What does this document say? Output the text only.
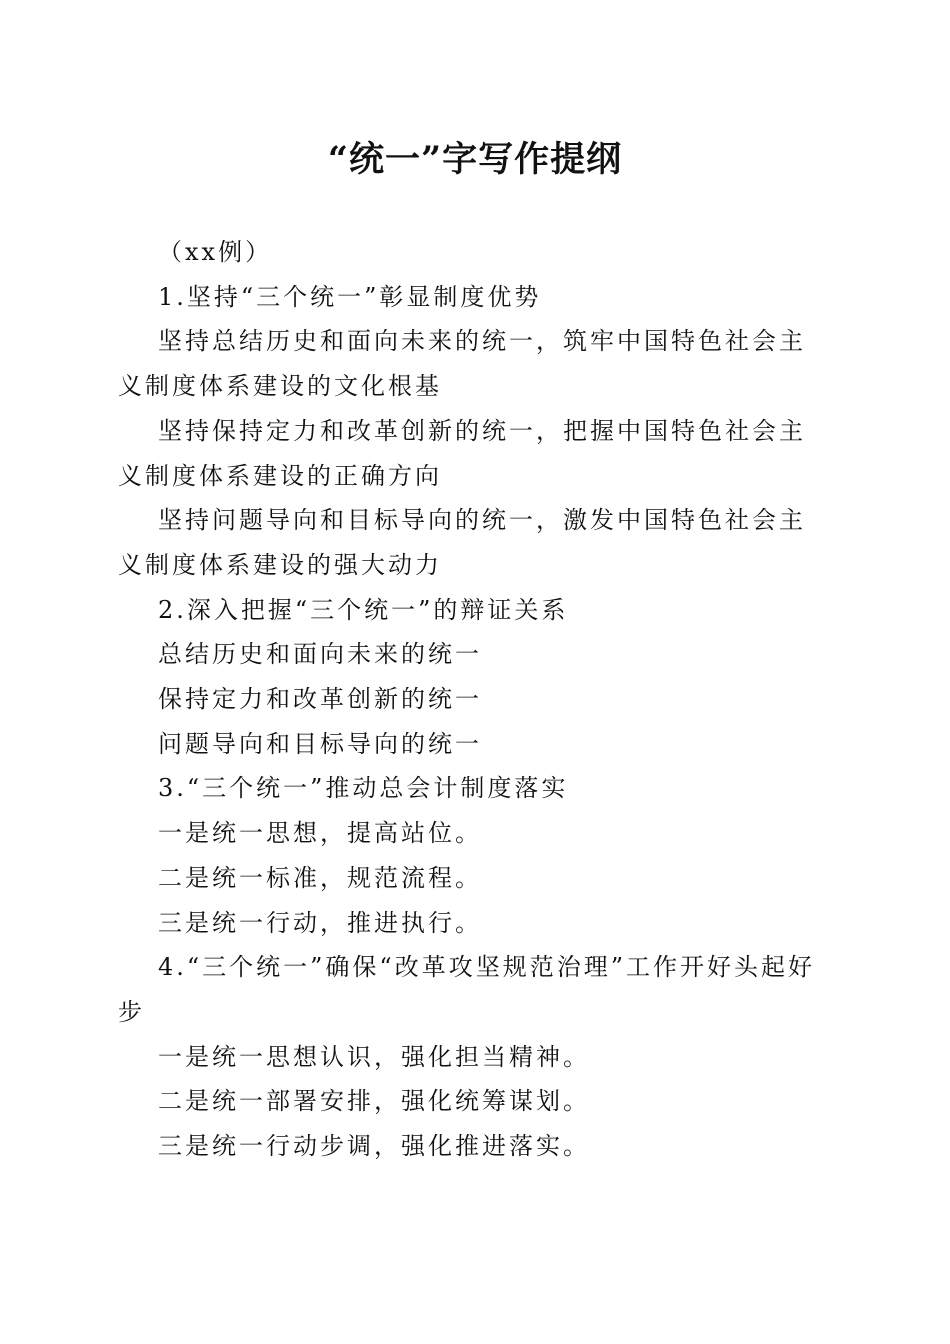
“统一”字写作提纲

（xx例）

1.坚持“三个统一”彰显制度优势

坚持总结历史和面向未来的统一，筑牢中国特色社会主义制度体系建设的文化根基

坚持保持定力和改革创新的统一，把握中国特色社会主义制度体系建设的正确方向

坚持问题导向和目标导向的统一，激发中国特色社会主义制度体系建设的强大动力

2.深入把握“三个统一”的辩证关系

总结历史和面向未来的统一

保持定力和改革创新的统一

问题导向和目标导向的统一

3.“三个统一”推动总会计制度落实

一是统一思想，提高站位。

二是统一标准，规范流程。

三是统一行动，推进执行。

4.“三个统一”确保“改革攻坚规范治理”工作开好头起好步

一是统一思想认识，强化担当精神。

二是统一部署安排，强化统筹谋划。

三是统一行动步调，强化推进落实。
